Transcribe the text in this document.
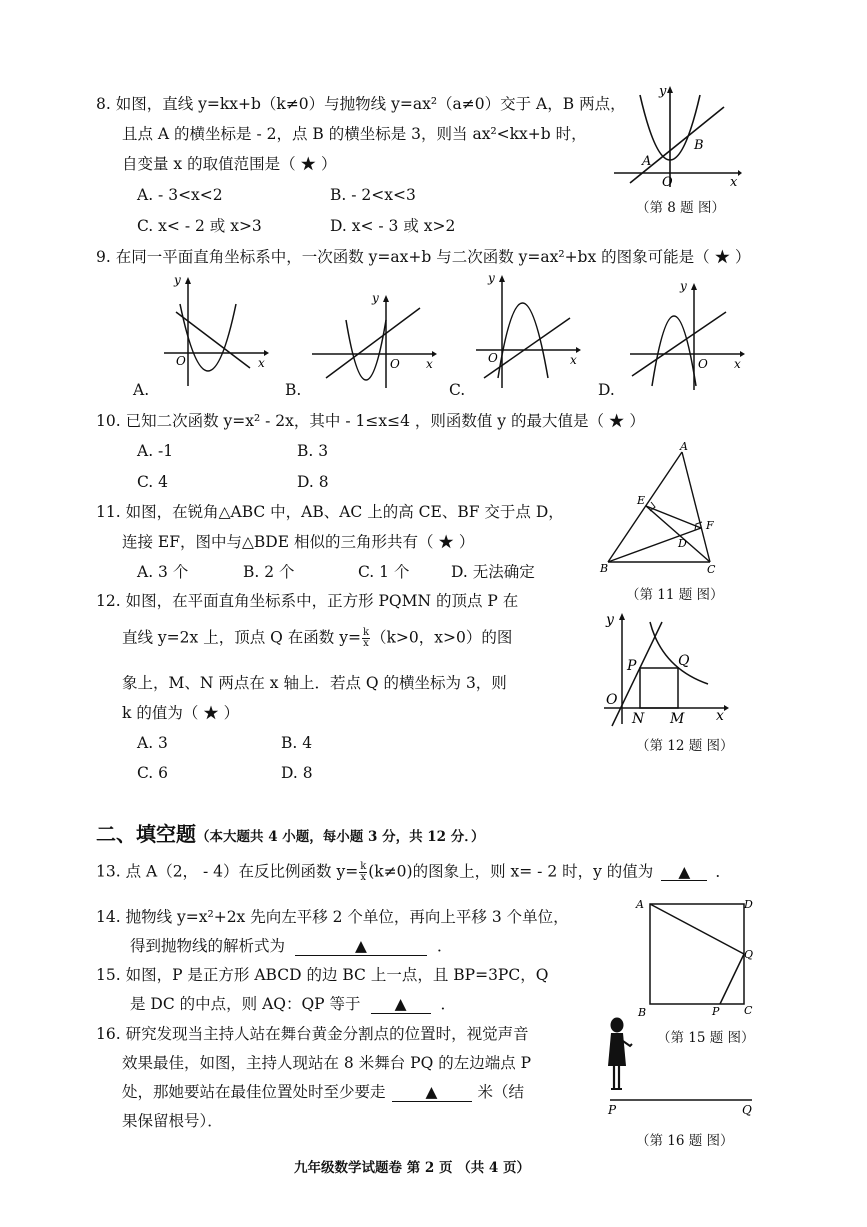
8. 如图，直线 y=kx+b（k≠0）与抛物线 y=ax²（a≠0）交于 A，B 两点，
且点 A 的横坐标是 - 2，点 B 的横坐标是 3，则当 ax²<kx+b 时，
自变量 x 的取值范围是（ ★ ）
A. - 3<x<2	B. - 2<x<3
C. x< - 2 或 x>3	D. x< - 3 或 x>2
y
x
A
B
O
（第 8 题 图）
9. 在同一平面直角坐标系中，一次函数 y=ax+b 与二次函数 y=ax²+bx 的图象可能是（ ★ ）
y
x
O
A.
y
x
O
B.
y
x
O
C.
y
x
O
D.
10. 已知二次函数 y=x² - 2x，其中 - 1≤x≤4 ，则函数值 y 的最大值是（ ★ ）
A. -1	B. 3
C. 4	D. 8
11. 如图，在锐角△ABC 中，AB、AC 上的高 CE、BF 交于点 D，
连接 EF，图中与△BDE 相似的三角形共有（ ★ ）
A. 3 个	B. 2 个	C. 1 个	D. 无法确定
A
B	C
D
E
F
（第 11 题 图）
12. 如图，在平面直角坐标系中，正方形 PQMN 的顶点 P 在
直线 y=2x 上，顶点 Q 在函数 $y= \frac{k}{x} (k>0$，x>0）的图
象上，M、N 两点在 x 轴上．若点 Q 的横坐标为 3，则
k 的值为（ ★ ）
A. 3	B. 4
C. 6	D. 8
y
x
O
P	Q
N M
（第 12 题 图）
二、填空题（本大题共 4 小题，每小题 3 分，共 12 分．）
13. 点 A（2， - 4）在反比例函数 $y= \frac{k}{x} (k\ne 0)$的图象上，则 x= - 2 时，y 的值为 ▲ ．
14. 抛物线 y=x²+2x 先向左平移 2 个单位，再向上平移 3 个单位，
得到抛物线的解析式为	▲	．
15. 如图，P 是正方形 ABCD 的边 BC 上一点，且 BP=3PC，Q
是 DC 的中点，则 AQ：QP 等于 ▲ ．
A	D
B	C
Q
P
（第 15 题 图）
16. 研究发现当主持人站在舞台黄金分割点的位置时，视觉声音
效果最佳，如图，主持人现站在 8 米舞台 PQ 的左边端点 P
处，那她要站在最佳位置处时至少要走	▲	米（结
果保留根号）．
P	Q
（第 16 题 图）
九年级数学试题卷 第 2 页 （共 4 页）
